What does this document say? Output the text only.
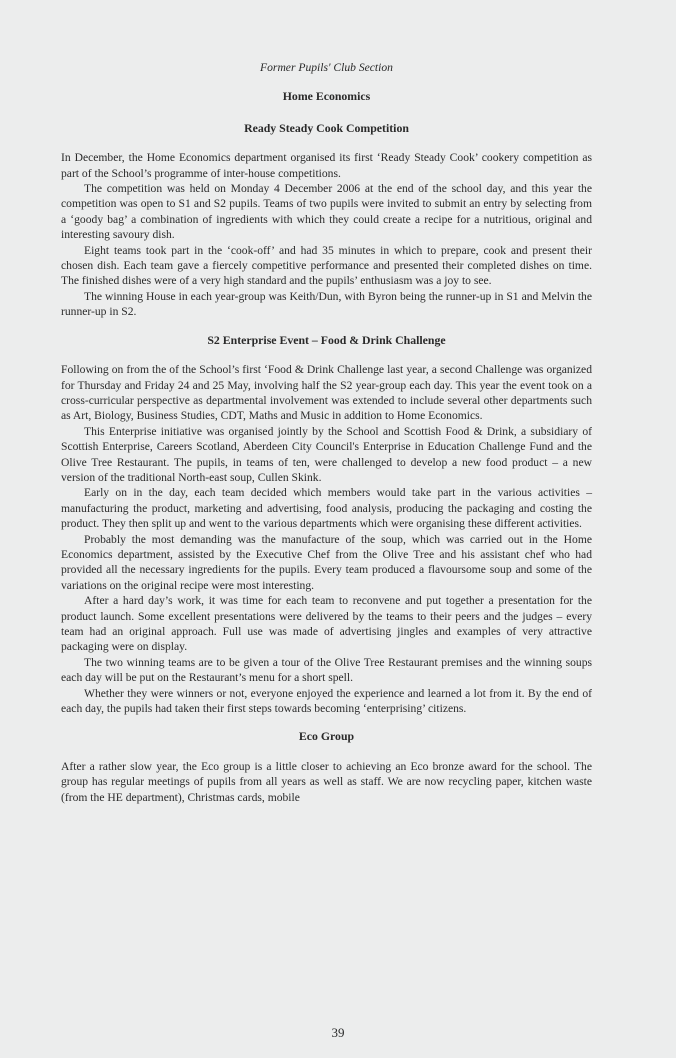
Former Pupils' Club Section
Home Economics
Ready Steady Cook Competition

In December, the Home Economics department organised its first ‘Ready Steady Cook’ cookery competition as part of the School’s programme of inter-house competitions.

The competition was held on Monday 4 December 2006 at the end of the school day, and this year the competition was open to S1 and S2 pupils. Teams of two pupils were invited to submit an entry by selecting from a ‘goody bag’ a combination of ingredients with which they could create a recipe for a nutritious, original and interesting savoury dish.

Eight teams took part in the ‘cook-off’ and had 35 minutes in which to prepare, cook and present their chosen dish. Each team gave a fiercely competitive performance and presented their completed dishes on time. The finished dishes were of a very high standard and the pupils’ enthusiasm was a joy to see.

The winning House in each year-group was Keith/Dun, with Byron being the runner-up in S1 and Melvin the runner-up in S2.

S2 Enterprise Event – Food & Drink Challenge

Following on from the of the School’s first ‘Food & Drink Challenge last year, a second Challenge was organized for Thursday and Friday 24 and 25 May, involving half the S2 year-group each day. This year the event took on a cross-curricular perspective as departmental involvement was extended to include several other departments such as Art, Biology, Business Studies, CDT, Maths and Music in addition to Home Economics.

This Enterprise initiative was organised jointly by the School and Scottish Food & Drink, a subsidiary of Scottish Enterprise, Careers Scotland, Aberdeen City Council's Enterprise in Education Challenge Fund and the Olive Tree Restaurant. The pupils, in teams of ten, were challenged to develop a new food product – a new version of the traditional North-east soup, Cullen Skink.

Early on in the day, each team decided which members would take part in the various activities – manufacturing the product, marketing and advertising, food analysis, producing the packaging and costing the product. They then split up and went to the various departments which were organising these different activities.

Probably the most demanding was the manufacture of the soup, which was carried out in the Home Economics department, assisted by the Executive Chef from the Olive Tree and his assistant chef who had provided all the necessary ingredients for the pupils. Every team produced a flavoursome soup and some of the variations on the original recipe were most interesting.

After a hard day’s work, it was time for each team to reconvene and put together a presentation for the product launch. Some excellent presentations were delivered by the teams to their peers and the judges – every team had an original approach. Full use was made of advertising jingles and examples of very attractive packaging were on display.

The two winning teams are to be given a tour of the Olive Tree Restaurant premises and the winning soups each day will be put on the Restaurant’s menu for a short spell.

Whether they were winners or not, everyone enjoyed the experience and learned a lot from it. By the end of each day, the pupils had taken their first steps towards becoming ‘enterprising’ citizens.

Eco Group

After a rather slow year, the Eco group is a little closer to achieving an Eco bronze award for the school. The group has regular meetings of pupils from all years as well as staff. We are now recycling paper, kitchen waste (from the HE department), Christmas cards, mobile

39
